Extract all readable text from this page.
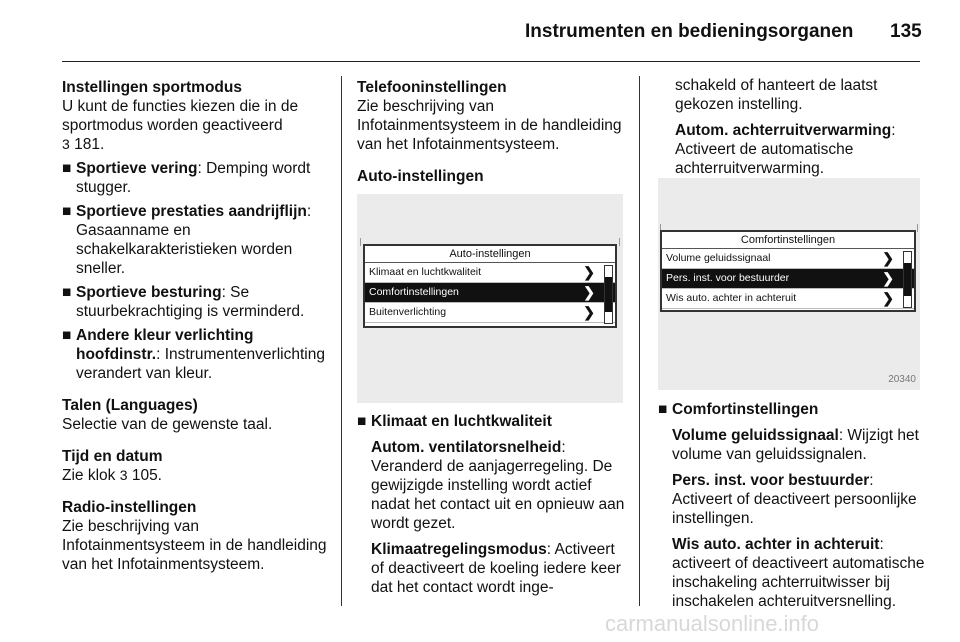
Instrumenten en bedieningsorganen 135

Instellingen sportmodus

U kunt de functies kiezen die in de sportmodus worden geactiveerd
3 181.

■ Sportieve vering: Demping wordt stugger.
■ Sportieve prestaties aandrijflijn: Gasaanname en schakelkarakteristieken worden sneller.
■ Sportieve besturing: Se stuurbekrachtiging is verminderd.
■ Andere kleur verlichting hoofdinstr.: Instrumentenverlichting verandert van kleur.

Talen (Languages)

Selectie van de gewenste taal.

Tijd en datum

Zie klok 3 105.

Radio-instellingen

Zie beschrijving van Infotainmentsysteem in de handleiding van het Infotainmentsysteem.

Telefooninstellingen

Zie beschrijving van Infotainmentsysteem in de handleiding van het Infotainmentsysteem.

Auto-instellingen

Auto-instellingen
Klimaat en luchtkwaliteit	❯
Comfortinstellingen	❯
Buitenverlichting	❯
■ Klimaat en luchtkwaliteit

Autom. ventilatorsnelheid: Veranderd de aanjagerregeling. De gewijzigde instelling wordt actief nadat het contact uit en opnieuw aan wordt gezet.

Klimaatregelingsmodus: Activeert of deactiveert de koeling iedere keer dat het contact wordt inge-

schakeld of hanteert de laatst gekozen instelling.

Autom. achterruitverwarming: Activeert de automatische achterruitverwarming.

Comfortinstellingen
Volume geluidssignaal	❯
Pers. inst. voor bestuurder	❯
Wis auto. achter in achteruit	❯
20340
■ Comfortinstellingen

Volume geluidssignaal: Wijzigt het volume van geluidssignalen.

Pers. inst. voor bestuurder: Activeert of deactiveert persoonlijke instellingen.

Wis auto. achter in achteruit: activeert of deactiveert automatische inschakeling achterruitwisser bij inschakelen achteruitversnelling.

carmanualsonline.info
